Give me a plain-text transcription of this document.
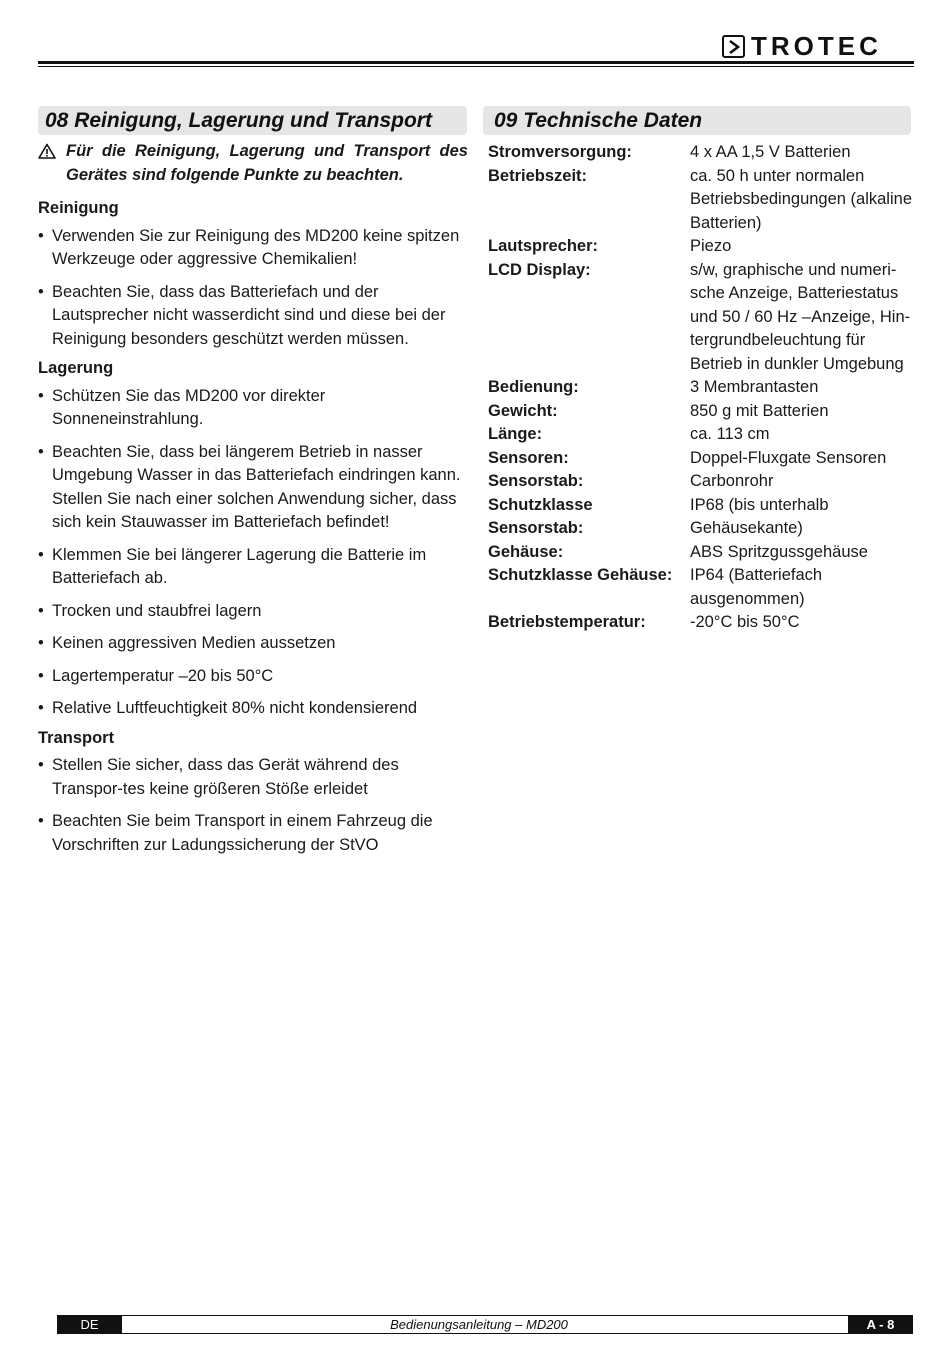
TROTEC
08 Reinigung, Lagerung und Transport	09 Technische Daten
Für die Reinigung, Lagerung und Transport des Gerätes sind folgende Punkte zu beachten.
Reinigung
• Verwenden Sie zur Reinigung des MD200 keine spitzen Werkzeuge oder aggressive Chemikalien!
• Beachten Sie, dass das Batteriefach und der Lautsprecher nicht wasserdicht sind und diese bei der Reinigung besonders geschützt werden müssen.
Lagerung
• Schützen Sie das MD200 vor direkter Sonneneinstrahlung.
• Beachten Sie, dass bei längerem Betrieb in nasser Umgebung Wasser in das Batteriefach eindringen kann. Stellen Sie nach einer solchen Anwendung sicher, dass sich kein Stauwasser im Batteriefach befindet!
• Klemmen Sie bei längerer Lagerung die Batterie im Batteriefach ab.
• Trocken und staubfrei lagern
• Keinen aggressiven Medien aussetzen
• Lagertemperatur –20 bis 50°C
• Relative Luftfeuchtigkeit 80% nicht kondensierend
Transport
• Stellen Sie sicher, dass das Gerät während des Transpor-tes keine größeren Stöße erleidet
• Beachten Sie beim Transport in einem Fahrzeug die Vorschriften zur Ladungssicherung der StVO
Stromversorgung:	4 x AA 1,5 V Batterien
Betriebszeit:	ca. 50 h unter normalen Betriebsbedingungen (alkaline Batterien)
Lautsprecher:	Piezo
LCD Display:	s/w, graphische und numeri-sche Anzeige, Batteriestatus und 50 / 60 Hz –Anzeige, Hin-tergrundbeleuchtung für Betrieb in dunkler Umgebung
Bedienung:	3 Membrantasten
Gewicht:	850 g mit Batterien
Länge:	ca. 113 cm
Sensoren:	Doppel-Fluxgate Sensoren
Sensorstab:	Carbonrohr
Schutzklasse Sensorstab:
IP68 (bis unterhalb Gehäusekante)
Gehäuse:	ABS Spritzgussgehäuse
Schutzklasse Gehäuse:	IP64 (Batteriefach ausgenommen)
Betriebstemperatur:	-20°C bis 50°C
DE	Bedienungsanleitung – MD200	A - 8
